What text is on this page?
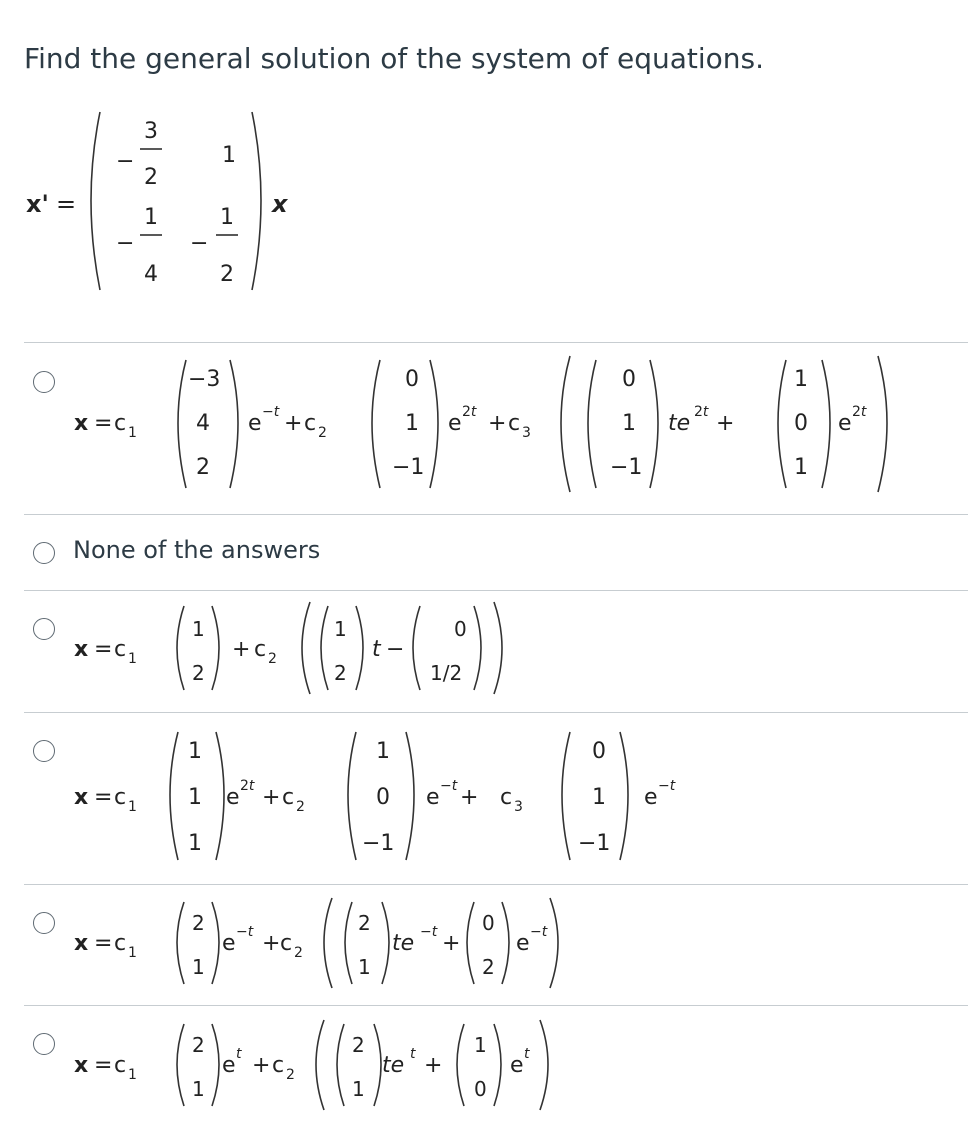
Find the general solution of the system of equations.
x' =
−
3
2
1
−
1
4
−
1
2
x
x = c 1
−3
4
2
e −t + c 2
0
1
−1
e 2t + c 3
0
1
−1
te 2t +
1
0
1
e 2t
None of the answers
x = c 1
1
2
+ c 2
1
2
t −
0
1/2
x = c 1
1
1
1
e 2t + c 2
1
0
−1
e −t + c 3
0
1
−1
e −t
x = c 1
2
1
e −t + c 2
2
1
te −t +
0
2
e −t
x = c 1
2
1
e t + c 2
2
1
te t +
1
0
e t
